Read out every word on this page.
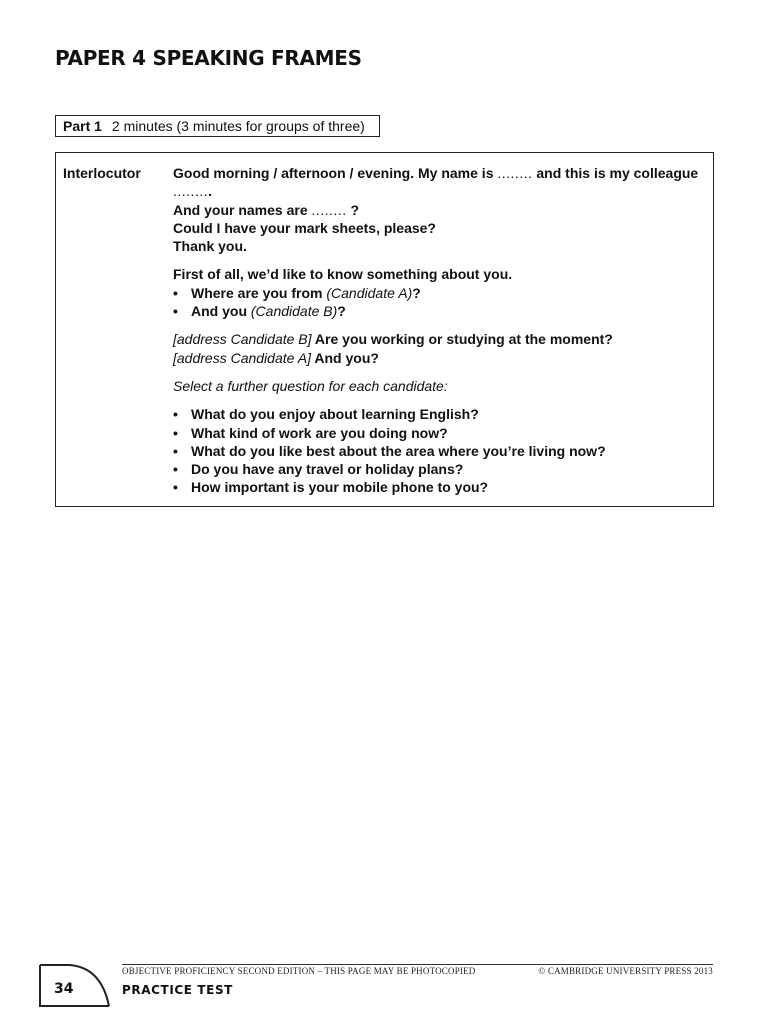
PAPER 4 SPEAKING FRAMES
Part 1 2 minutes (3 minutes for groups of three)
Interlocutor Good morning / afternoon / evening. My name is ........ and this is my colleague .........

And your names are ........ ?

Could I have your mark sheets, please?

Thank you.

First of all, we’d like to know something about you.

• Where are you from (Candidate A)?
• And you (Candidate B)?

[address Candidate B] Are you working or studying at the moment?

[address Candidate A] And you?

Select a further question for each candidate:

• What do you enjoy about learning English?
• What kind of work are you doing now?
• What do you like best about the area where you’re living now?
• Do you have any travel or holiday plans?
• How important is your mobile phone to you?
OBJECTIVE PROFICIENCY SECOND EDITION – THIS PAGE MAY BE PHOTOCOPIED	© CAMBRIDGE UNIVERSITY PRESS 2013
PRACTICE TEST
34
